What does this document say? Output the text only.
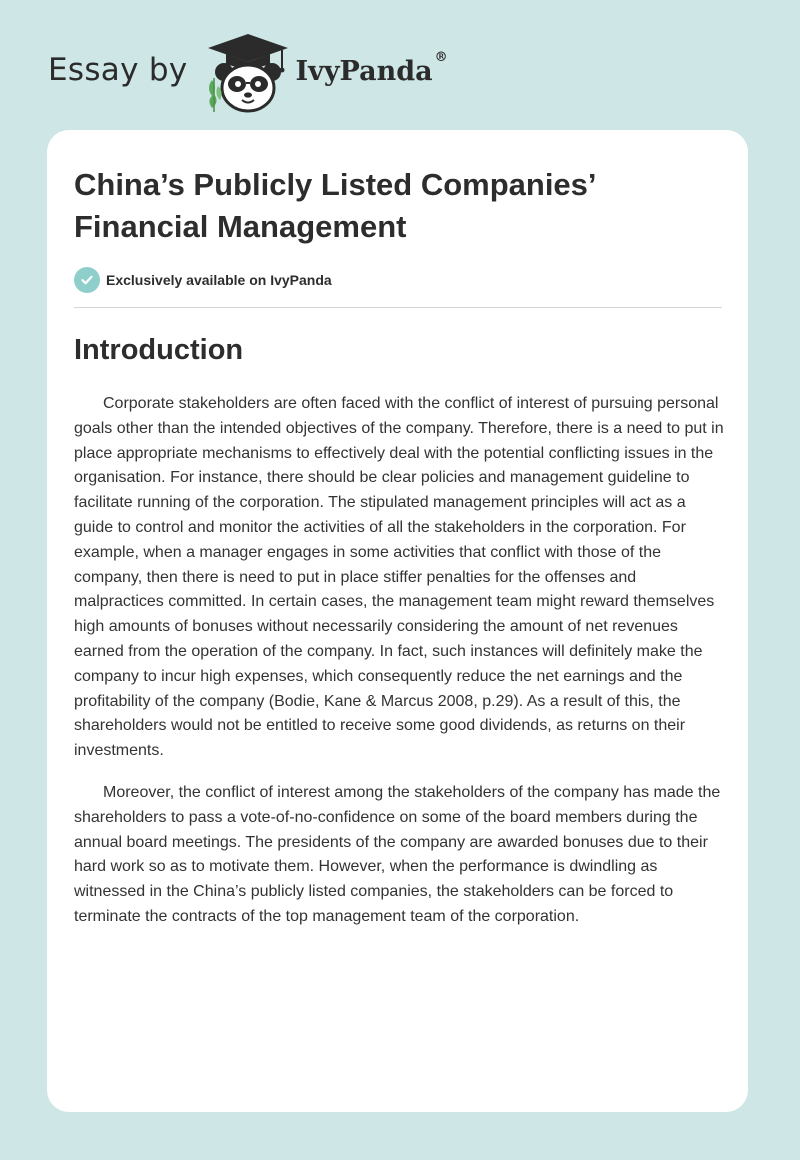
Essay by	IvyPanda ®
China’s Publicly Listed Companies’ Financial Management
Exclusively available on IvyPanda
Introduction

Corporate stakeholders are often faced with the conflict of interest of pursuing personal goals other than the intended objectives of the company. Therefore, there is a need to put in place appropriate mechanisms to effectively deal with the potential conflicting issues in the organisation. For instance, there should be clear policies and management guideline to facilitate running of the corporation. The stipulated management principles will act as a guide to control and monitor the activities of all the stakeholders in the corporation. For example, when a manager engages in some activities that conflict with those of the company, then there is need to put in place stiffer penalties for the offenses and malpractices committed. In certain cases, the management team might reward themselves high amounts of bonuses without necessarily considering the amount of net revenues earned from the operation of the company. In fact, such instances will definitely make the company to incur high expenses, which consequently reduce the net earnings and the profitability of the company (Bodie, Kane & Marcus 2008, p.29). As a result of this, the shareholders would not be entitled to receive some good dividends, as returns on their investments.

Moreover, the conflict of interest among the stakeholders of the company has made the shareholders to pass a vote-of-no-confidence on some of the board members during the annual board meetings. The presidents of the company are awarded bonuses due to their hard work so as to motivate them. However, when the performance is dwindling as witnessed in the China’s publicly listed companies, the stakeholders can be forced to terminate the contracts of the top management team of the corporation.
